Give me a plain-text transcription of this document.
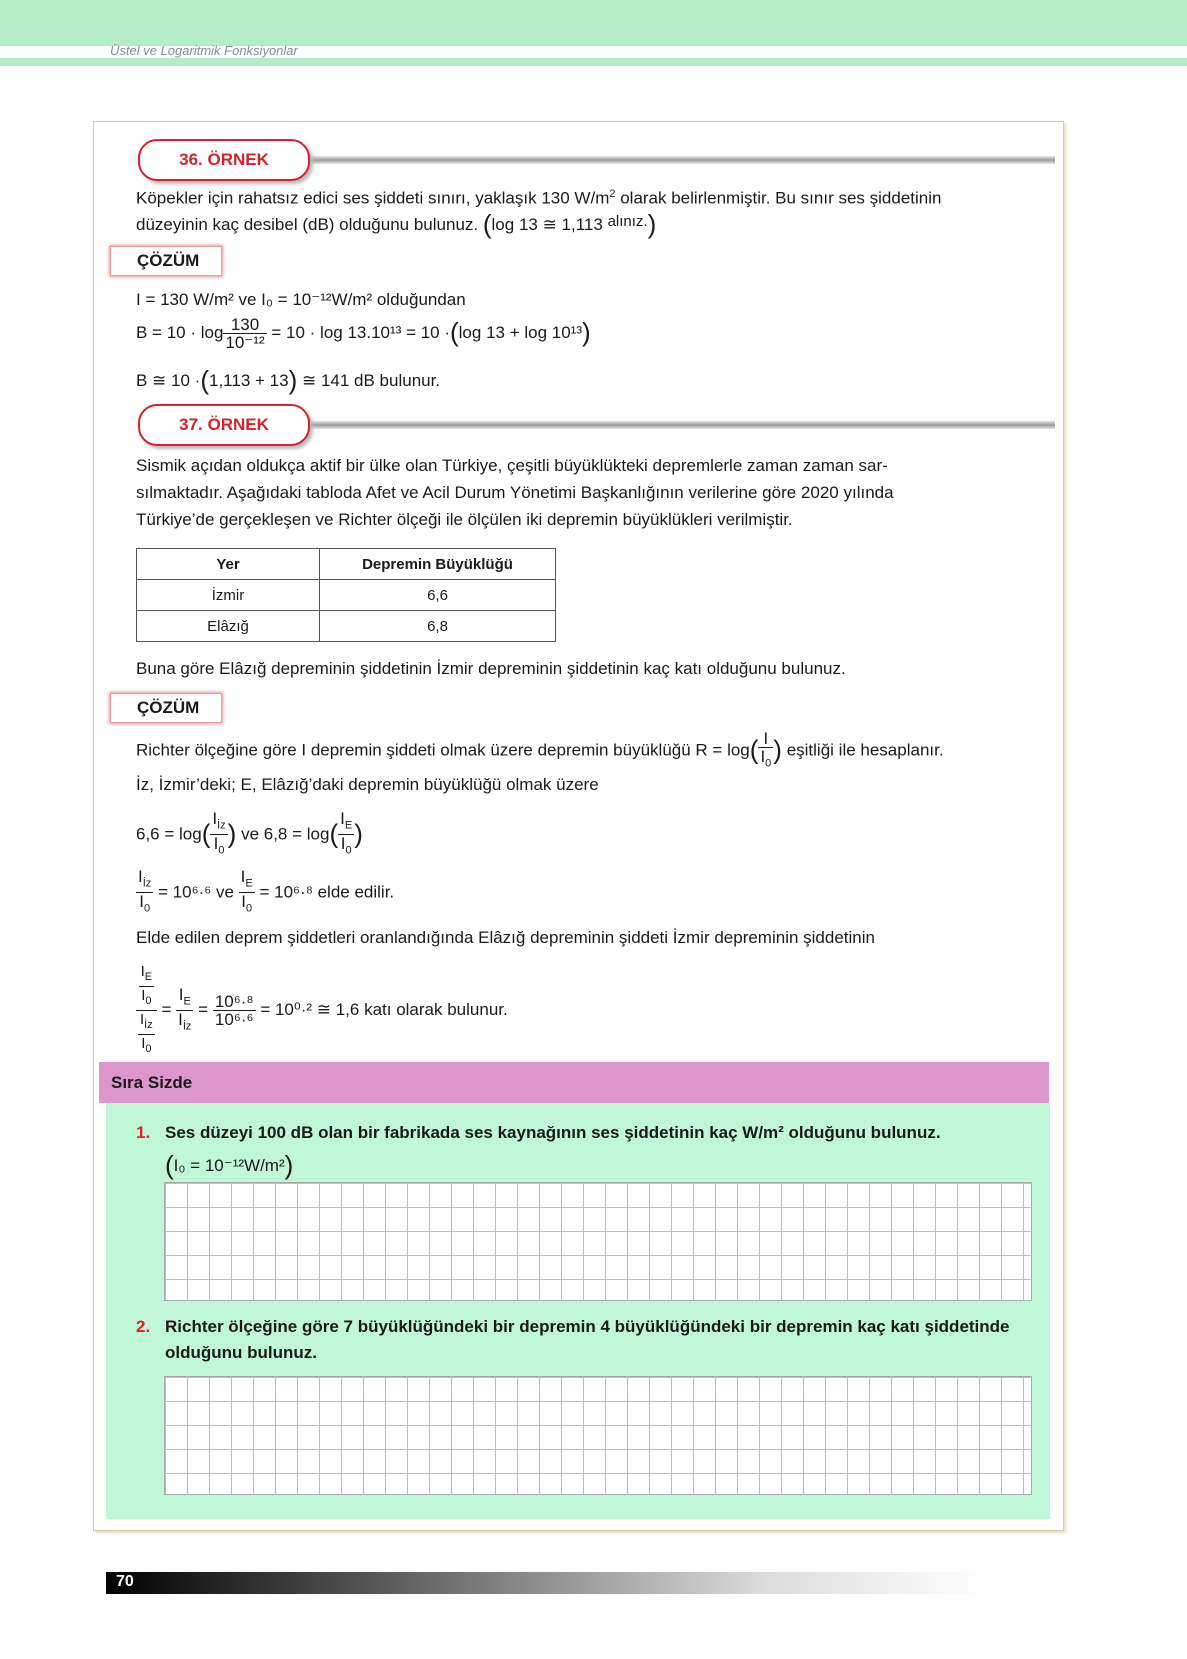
Üstel ve Logaritmik Fonksiyonlar
36. ÖRNEK
Köpekler için rahatsız edici ses şiddeti sınırı, yaklaşık 130 $W/m^2$ olarak belirlenmiştir. Bu sınır ses şiddetinin
düzeyinin kaç desibel (dB) olduğunu bulunuz. (log 13 ≅ 1,113 alınız.)
ÇÖZÜM
I = 130 W/m² ve I₀ = 10⁻¹²W/m² olduğundan
$B = 10 \cdot \log \frac{130}{\text{10⁻¹²}} = 10 \cdot \log 13.10^{13} = 10 \cdot(\log$ 13 + log 10¹³)
B ≅ 10 ·(1,113 + 13) ≅ 141 dB bulunur.
37. ÖRNEK
Sismik açıdan oldukça aktif bir ülke olan Türkiye, çeşitli büyüklükteki depremlerle zaman zaman sar-
sılmaktadır. Aşağıdaki tabloda Afet ve Acil Durum Yönetimi Başkanlığının verilerine göre 2020 yılında
Türkiye’de gerçekleşen ve Richter ölçeği ile ölçülen iki depremin büyüklükleri verilmiştir.
Yer	Depremin Büyüklüğü
İzmir	6,6
Elâzığ	6,8
Buna göre Elâzığ depreminin şiddetinin İzmir depreminin şiddetinin kaç katı olduğunu bulunuz.
ÇÖZÜM
Richter ölçeğine göre I depremin şiddeti olmak üzere depremin büyüklüğü $R = \log( \frac{I}{I_0}$ ) eşitliği ile hesaplanır.
İz, İzmir’deki; E, Elâzığ’daki depremin büyüklüğü olmak üzere
$6,6 = \log( \frac{I_{İz}}{I_0}$ ) ve $6,8 = \log( \frac{I_E}{I_0}$ )
$\frac{I_{İz}}{I_0} = 10^6\cdot^6$ ve $\frac{I_E}{I_0} = 10^6\cdot^8$ elde edilir.
Elde edilen deprem şiddetleri oranlandığında Elâzığ depreminin şiddeti İzmir depreminin şiddetinin
$\frac{\frac{I_E}{I_0}}{\frac{I_{İz}}{I_0}} = \frac{I_E}{I_{İz}} = \frac{\text{10⁶·⁸}}{\text{10⁶·⁶}} = 10^0\cdot^2$ ≅ 1,6 katı olarak bulunur.
Sıra Sizde
1. Ses düzeyi 100 dB olan bir fabrikada ses kaynağının ses şiddetinin kaç W/m² olduğunu bulunuz.
(I₀ = 10⁻¹²W/m²)
2. Richter ölçeğine göre 7 büyüklüğündeki bir depremin 4 büyüklüğündeki bir depremin kaç katı şiddetinde
olduğunu bulunuz.
70
